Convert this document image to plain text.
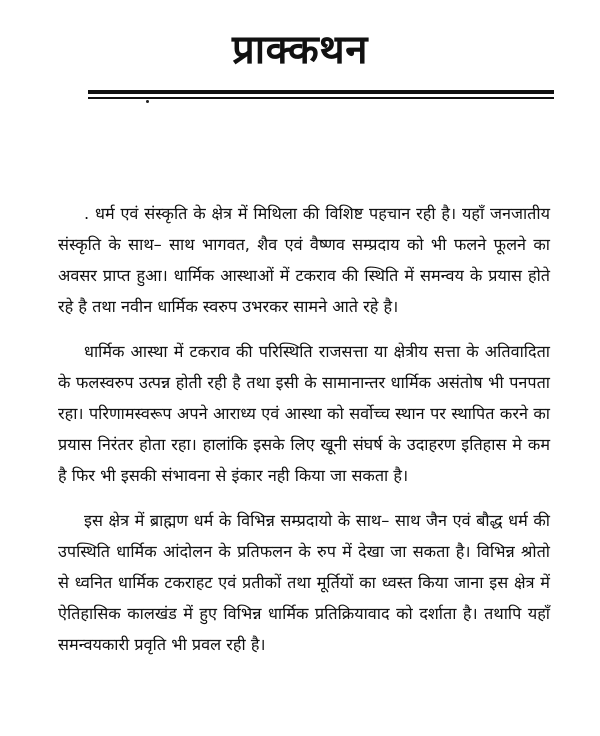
प्राक्कथन

. धर्म एवं संस्कृति के क्षेत्र में मिथिला की विशिष्ट पहचान रही है। यहाँ जनजातीय संस्कृति के साथ– साथ भागवत, शैव एवं वैष्णव सम्प्रदाय को भी फलने फूलने का अवसर प्राप्त हुआ। धार्मिक आस्थाओं में टकराव की स्थिति में समन्वय के प्रयास होते रहे है तथा नवीन धार्मिक स्वरुप उभरकर सामने आते रहे है।

धार्मिक आस्था में टकराव की परिस्थिति राजसत्ता या क्षेत्रीय सत्ता के अतिवादिता के फलस्वरुप उत्पन्न होती रही है तथा इसी के सामानान्तर धार्मिक असंतोष भी पनपता रहा। परिणामस्वरूप अपने आराध्य एवं आस्था को सर्वोच्च स्थान पर स्थापित करने का प्रयास निरंतर होता रहा। हालांकि इसके लिए खूनी संघर्ष के उदाहरण इतिहास मे कम है फिर भी इसकी संभावना से इंकार नही किया जा सकता है।

इस क्षेत्र में ब्राह्मण धर्म के विभिन्न सम्प्रदायो के साथ– साथ जैन एवं बौद्ध धर्म की उपस्थिति धार्मिक आंदोलन के प्रतिफलन के रुप में देखा जा सकता है। विभिन्न श्रोतो से ध्वनित धार्मिक टकराहट एवं प्रतीकों तथा मूर्तियों का ध्वस्त किया जाना इस क्षेत्र में ऐतिहासिक कालखंड में हुए विभिन्न धार्मिक प्रतिक्रियावाद को दर्शाता है। तथापि यहाँ समन्वयकारी प्रवृति भी प्रवल रही है।
